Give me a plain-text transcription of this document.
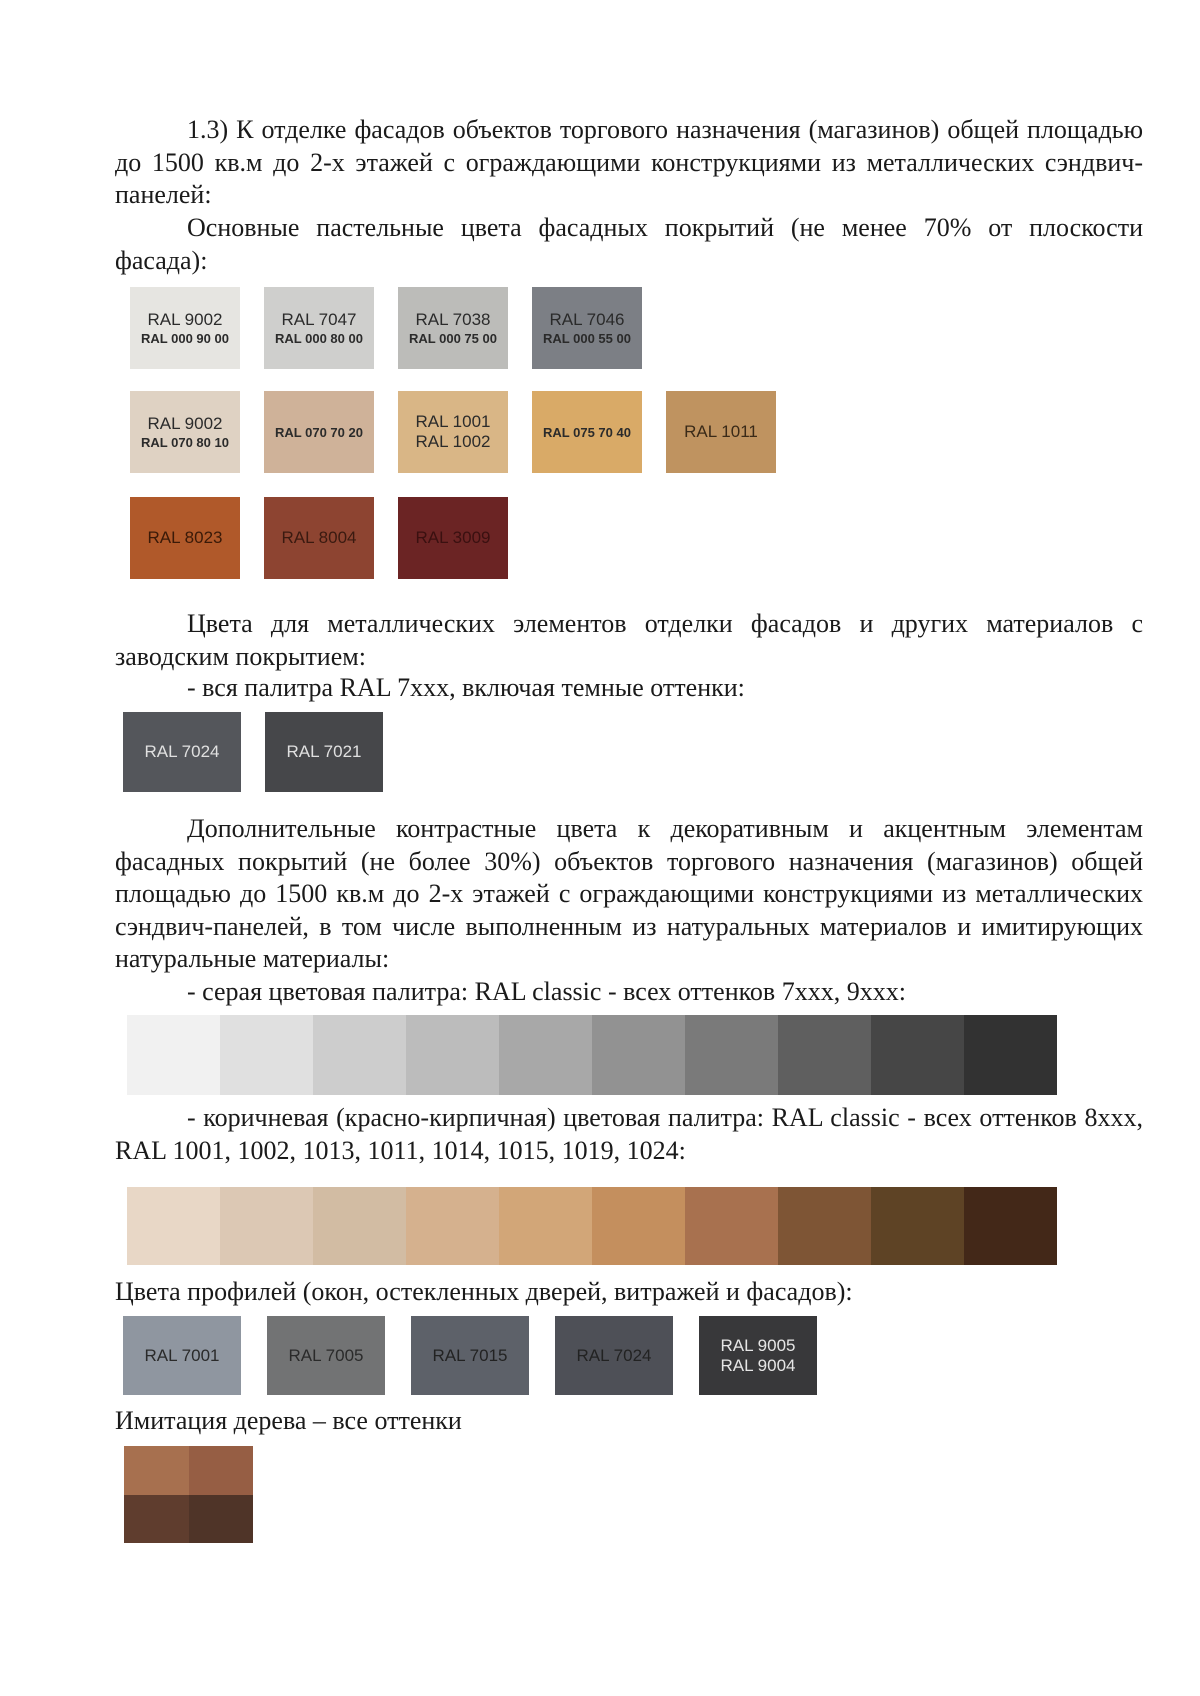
1.3) К отделке фасадов объектов торгового назначения (магазинов) общей площадью до 1500 кв.м до 2-х этажей с ограждающими конструкциями из металлических сэндвич-панелей:

Основные пастельные цвета фасадных покрытий (не менее 70% от плоскости фасада):

RAL 9002
RAL 000 90 00
RAL 7047
RAL 000 80 00
RAL 7038
RAL 000 75 00
RAL 7046
RAL 000 55 00
RAL 9002
RAL 070 80 10
RAL 070 70 20
RAL 1001
RAL 1002	RAL 075 70 40	RAL 1011
RAL 8023	RAL 8004	RAL 3009

Цвета для металлических элементов отделки фасадов и других материалов с заводским покрытием:

- вся палитра RAL 7ххх, включая темные оттенки:

RAL 7024	RAL 7021

Дополнительные контрастные цвета к декоративным и акцентным элементам фасадных покрытий (не более 30%) объектов торгового назначения (магазинов) общей площадью до 1500 кв.м до 2-х этажей с ограждающими конструкциями из металлических сэндвич-панелей, в том числе выполненным из натуральных материалов и имитирующих натуральные материалы:

- серая цветовая палитра: RAL classic - всех оттенков 7ххх, 9ххх:

- коричневая (красно-кирпичная) цветовая палитра: RAL classic - всех оттенков 8ххх, RAL 1001, 1002, 1013, 1011, 1014, 1015, 1019, 1024:

Цвета профилей (окон, остекленных дверей, витражей и фасадов):

RAL 7001	RAL 7005	RAL 7015	RAL 7024
RAL 9005
RAL 9004

Имитация дерева – все оттенки
